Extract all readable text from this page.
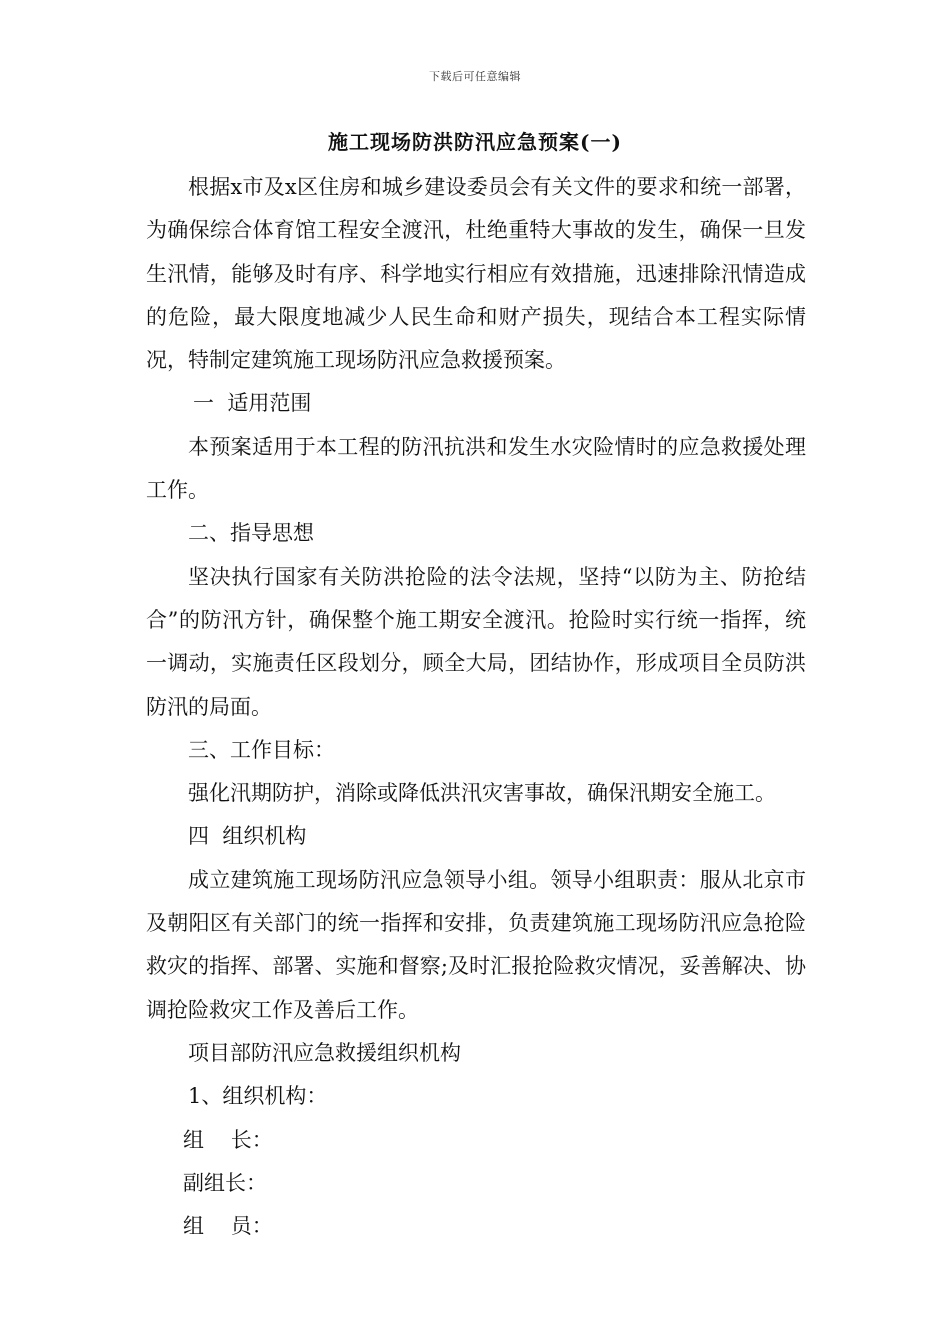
下载后可任意编辑
施工现场防洪防汛应急预案(一)

根据x市及x区住房和城乡建设委员会有关文件的要求和统一部署，为确保综合体育馆工程安全渡汛，杜绝重特大事故的发生，确保一旦发生汛情，能够及时有序、科学地实行相应有效措施，迅速排除汛情造成的危险，最大限度地减少人民生命和财产损失，现结合本工程实际情况，特制定建筑施工现场防汛应急救援预案。

一  适用范围

本预案适用于本工程的防汛抗洪和发生水灾险情时的应急救援处理工作。

二、指导思想

坚决执行国家有关防洪抢险的法令法规，坚持“以防为主、防抢结合”的防汛方针，确保整个施工期安全渡汛。抢险时实行统一指挥，统一调动，实施责任区段划分，顾全大局，团结协作，形成项目全员防洪防汛的局面。

三、工作目标：

强化汛期防护，消除或降低洪汛灾害事故，确保汛期安全施工。

四  组织机构

成立建筑施工现场防汛应急领导小组。领导小组职责：服从北京市及朝阳区有关部门的统一指挥和安排，负责建筑施工现场防汛应急抢险救灾的指挥、部署、实施和督察;及时汇报抢险救灾情况，妥善解决、协调抢险救灾工作及善后工作。

项目部防汛应急救援组织机构

1、组织机构：

组    长：

副组长：

组    员：
